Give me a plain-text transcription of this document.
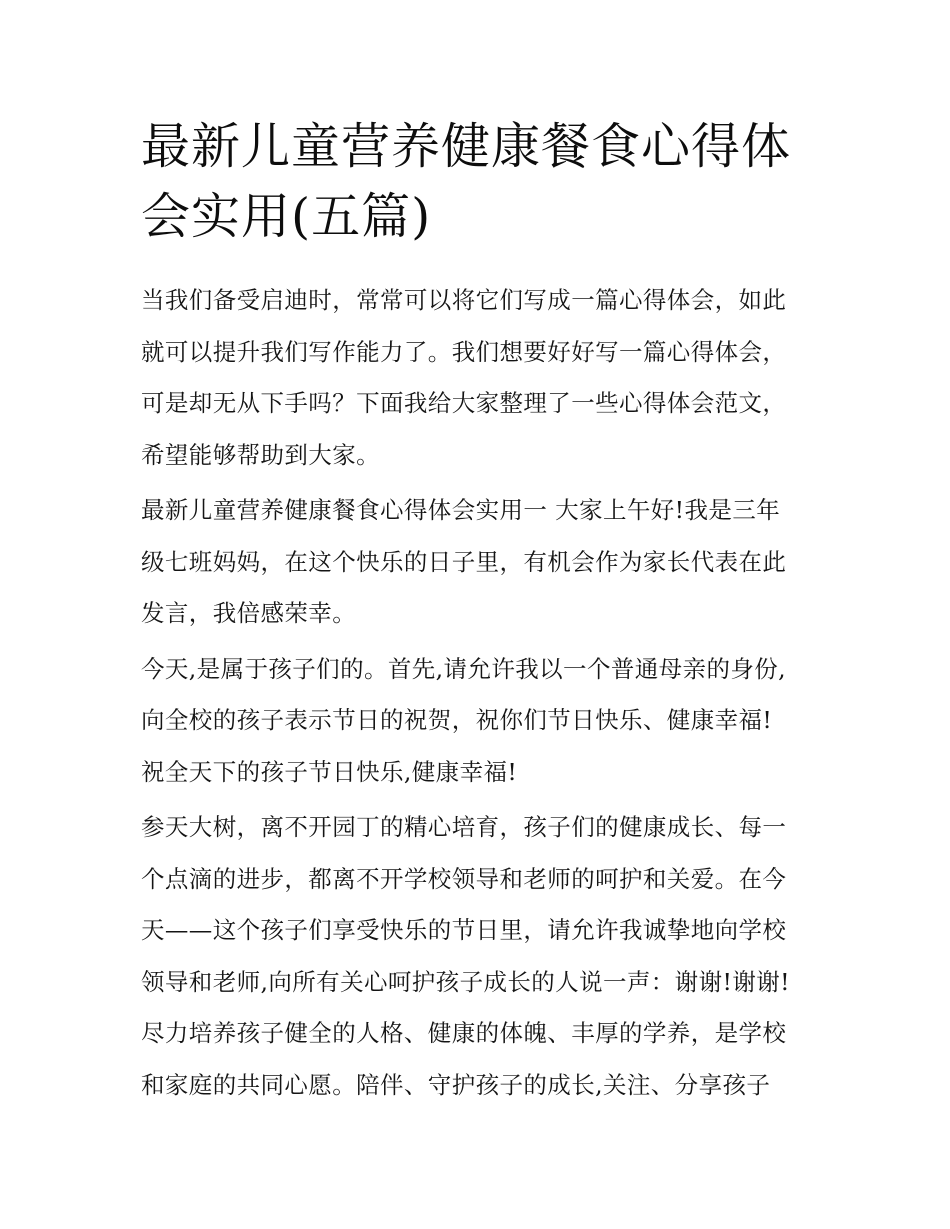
最新儿童营养健康餐食心得体
会实用(五篇)

当我们备受启迪时，常常可以将它们写成一篇心得体会，如此
就可以提升我们写作能力了。我们想要好好写一篇心得体会，
可是却无从下手吗？下面我给大家整理了一些心得体会范文，
希望能够帮助到大家。

最新儿童营养健康餐食心得体会实用一 大家上午好!我是三年
级七班妈妈，在这个快乐的日子里，有机会作为家长代表在此
发言，我倍感荣幸。

今天,是属于孩子们的。首先,请允许我以一个普通母亲的身份,
向全校的孩子表示节日的祝贺，祝你们节日快乐、健康幸福!
祝全天下的孩子节日快乐,健康幸福!

参天大树，离不开园丁的精心培育，孩子们的健康成长、每一
个点滴的进步，都离不开学校领导和老师的呵护和关爱。在今
天——这个孩子们享受快乐的节日里，请允许我诚挚地向学校
领导和老师,向所有关心呵护孩子成长的人说一声：谢谢!谢谢!
尽力培养孩子健全的人格、健康的体魄、丰厚的学养，是学校
和家庭的共同心愿。陪伴、守护孩子的成长,关注、分享孩子
